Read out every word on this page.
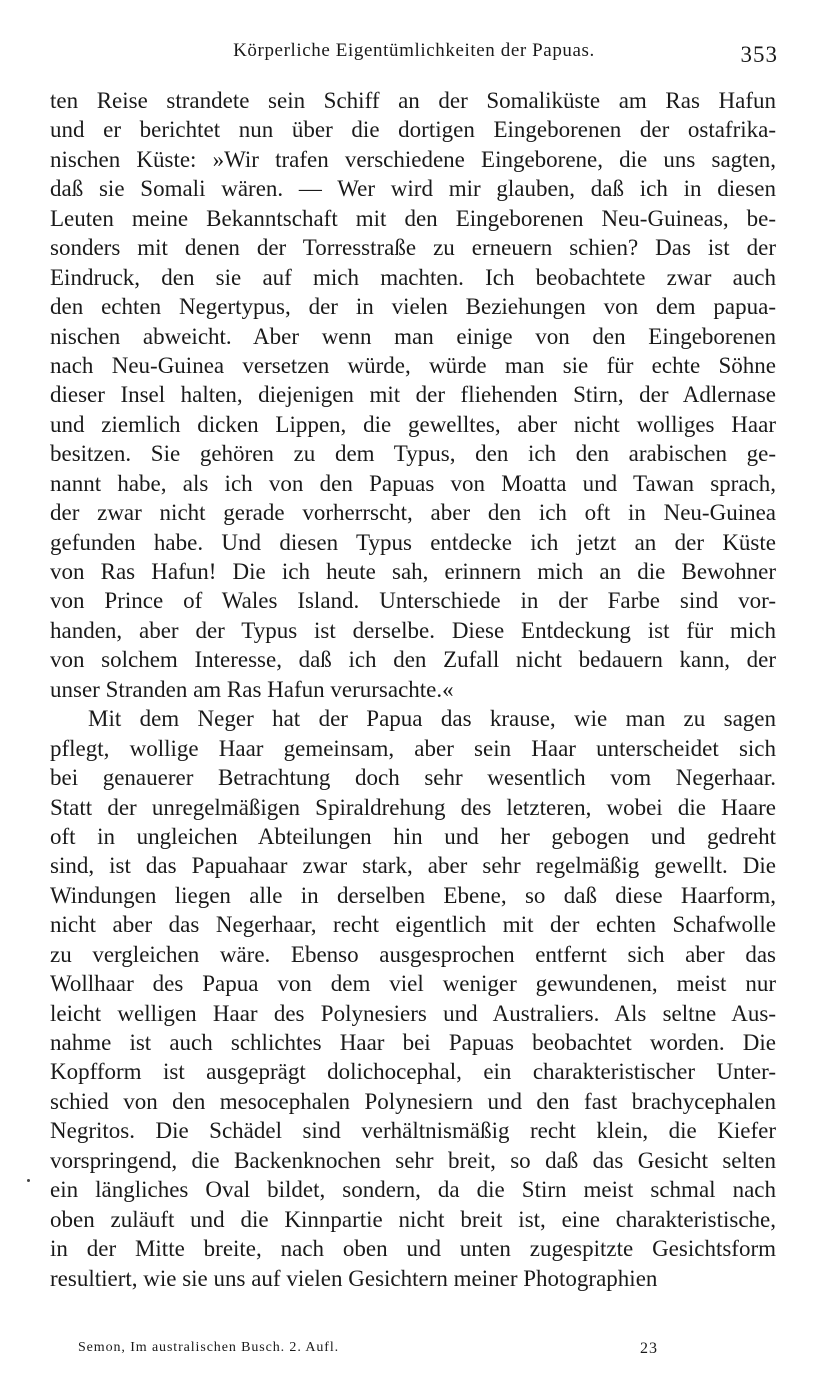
Körperliche Eigentümlichkeiten der Papuas.	353
ten Reise strandete sein Schiff an der Somaliküste am Ras Hafun
und er berichtet nun über die dortigen Eingeborenen der ostafrika-
nischen Küste: »Wir trafen verschiedene Eingeborene, die uns sagten,
daß sie Somali wären. — Wer wird mir glauben, daß ich in diesen
Leuten meine Bekanntschaft mit den Eingeborenen Neu-Guineas, be-
sonders mit denen der Torresstraße zu erneuern schien? Das ist der
Eindruck, den sie auf mich machten. Ich beobachtete zwar auch
den echten Negertypus, der in vielen Beziehungen von dem papua-
nischen abweicht. Aber wenn man einige von den Eingeborenen
nach Neu-Guinea versetzen würde, würde man sie für echte Söhne
dieser Insel halten, diejenigen mit der fliehenden Stirn, der Adlernase
und ziemlich dicken Lippen, die gewelltes, aber nicht wolliges Haar
besitzen. Sie gehören zu dem Typus, den ich den arabischen ge-
nannt habe, als ich von den Papuas von Moatta und Tawan sprach,
der zwar nicht gerade vorherrscht, aber den ich oft in Neu-Guinea
gefunden habe. Und diesen Typus entdecke ich jetzt an der Küste
von Ras Hafun! Die ich heute sah, erinnern mich an die Bewohner
von Prince of Wales Island. Unterschiede in der Farbe sind vor-
handen, aber der Typus ist derselbe. Diese Entdeckung ist für mich
von solchem Interesse, daß ich den Zufall nicht bedauern kann, der
unser Stranden am Ras Hafun verursachte.«
Mit dem Neger hat der Papua das krause, wie man zu sagen
pflegt, wollige Haar gemeinsam, aber sein Haar unterscheidet sich
bei genauerer Betrachtung doch sehr wesentlich vom Negerhaar.
Statt der unregelmäßigen Spiraldrehung des letzteren, wobei die Haare
oft in ungleichen Abteilungen hin und her gebogen und gedreht
sind, ist das Papuahaar zwar stark, aber sehr regelmäßig gewellt. Die
Windungen liegen alle in derselben Ebene, so daß diese Haarform,
nicht aber das Negerhaar, recht eigentlich mit der echten Schafwolle
zu vergleichen wäre. Ebenso ausgesprochen entfernt sich aber das
Wollhaar des Papua von dem viel weniger gewundenen, meist nur
leicht welligen Haar des Polynesiers und Australiers. Als seltne Aus-
nahme ist auch schlichtes Haar bei Papuas beobachtet worden. Die
Kopfform ist ausgeprägt dolichocephal, ein charakteristischer Unter-
schied von den mesocephalen Polynesiern und den fast brachycephalen
Negritos. Die Schädel sind verhältnismäßig recht klein, die Kiefer
vorspringend, die Backenknochen sehr breit, so daß das Gesicht selten
ein längliches Oval bildet, sondern, da die Stirn meist schmal nach
oben zuläuft und die Kinnpartie nicht breit ist, eine charakteristische,
in der Mitte breite, nach oben und unten zugespitzte Gesichtsform
resultiert, wie sie uns auf vielen Gesichtern meiner Photographien
Semon, Im australischen Busch. 2. Aufl.	23
